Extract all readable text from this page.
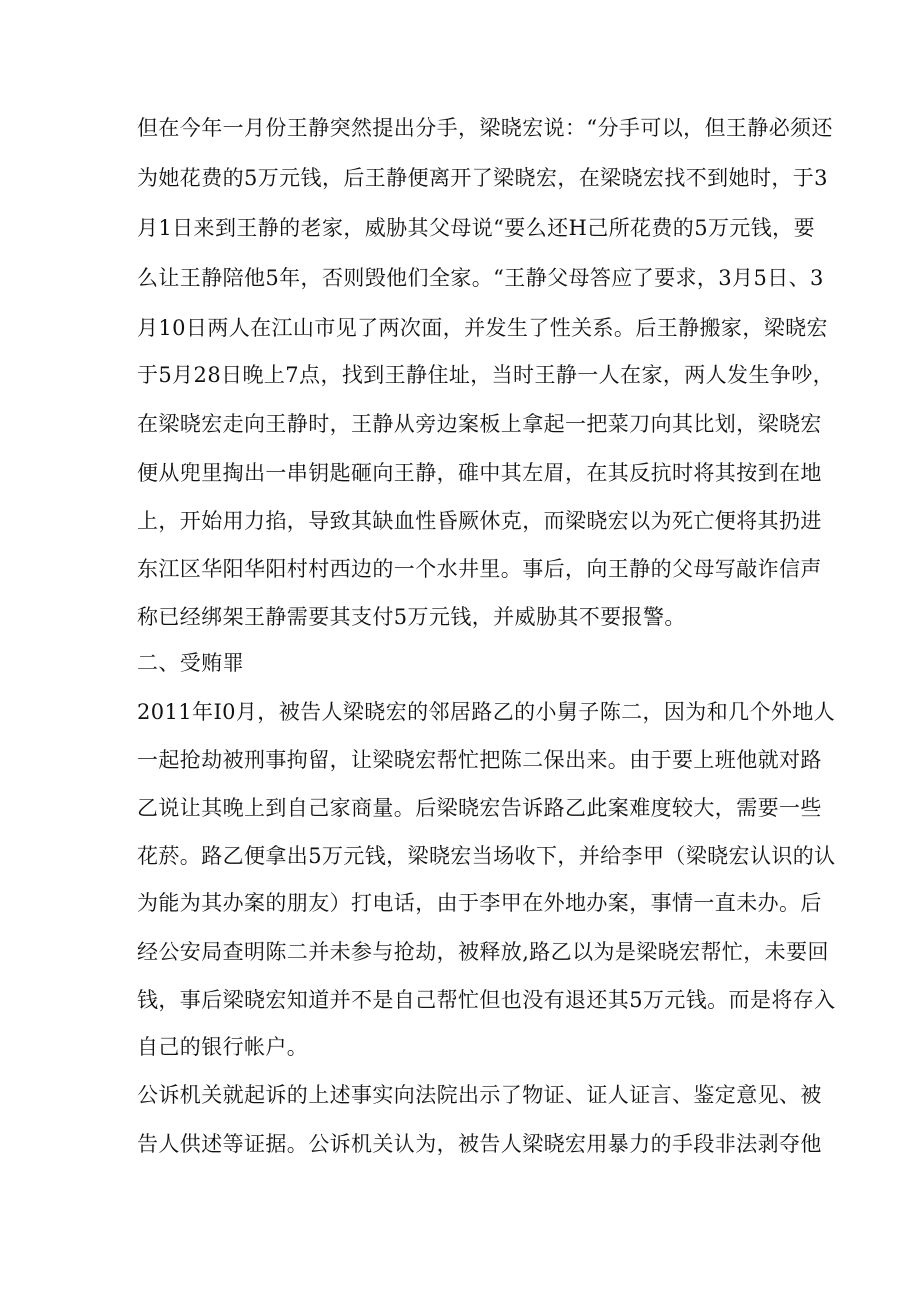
但在今年一月份王静突然提出分手，梁晓宏说：“分手可以，但王静必须还
为她花费的5万元钱，后王静便离开了梁晓宏，在梁晓宏找不到她时，于3
月1日来到王静的老家，威胁其父母说“要么还H己所花费的5万元钱，要
么让王静陪他5年，否则毁他们全家。“王静父母答应了要求，3月5日、3
月10日两人在江山市见了两次面，并发生了性关系。后王静搬家，梁晓宏
于5月28日晚上7点，找到王静住址，当时王静一人在家，两人发生争吵，
在梁晓宏走向王静时，王静从旁边案板上拿起一把菜刀向其比划，梁晓宏
便从兜里掏出一串钥匙砸向王静，碓中其左眉，在其反抗时将其按到在地
上，开始用力掐，导致其缺血性昏厥休克，而梁晓宏以为死亡便将其扔进
东江区华阳华阳村村西边的一个水井里。事后，向王静的父母写敲诈信声
称已经绑架王静需要其支付5万元钱，并威胁其不要报警。
二、受贿罪
2011年I0月，被告人梁晓宏的邻居路乙的小舅子陈二，因为和几个外地人
一起抢劫被刑事拘留，让梁晓宏帮忙把陈二保出来。由于要上班他就对路
乙说让其晚上到自己家商量。后梁晓宏告诉路乙此案难度较大，需要一些
花菸。路乙便拿出5万元钱，梁晓宏当场收下，并给李甲（梁晓宏认识的认
为能为其办案的朋友）打电话，由于李甲在外地办案，事情一直未办。后
经公安局查明陈二并未参与抢劫，被释放,路乙以为是梁晓宏帮忙，未要回
钱，事后梁晓宏知道并不是自己帮忙但也没有退还其5万元钱。而是将存入
自己的银行帐户。
公诉机关就起诉的上述事实向法院出示了物证、证人证言、鉴定意见、被
告人供述等证据。公诉机关认为，被告人梁晓宏用暴力的手段非法剥夺他
